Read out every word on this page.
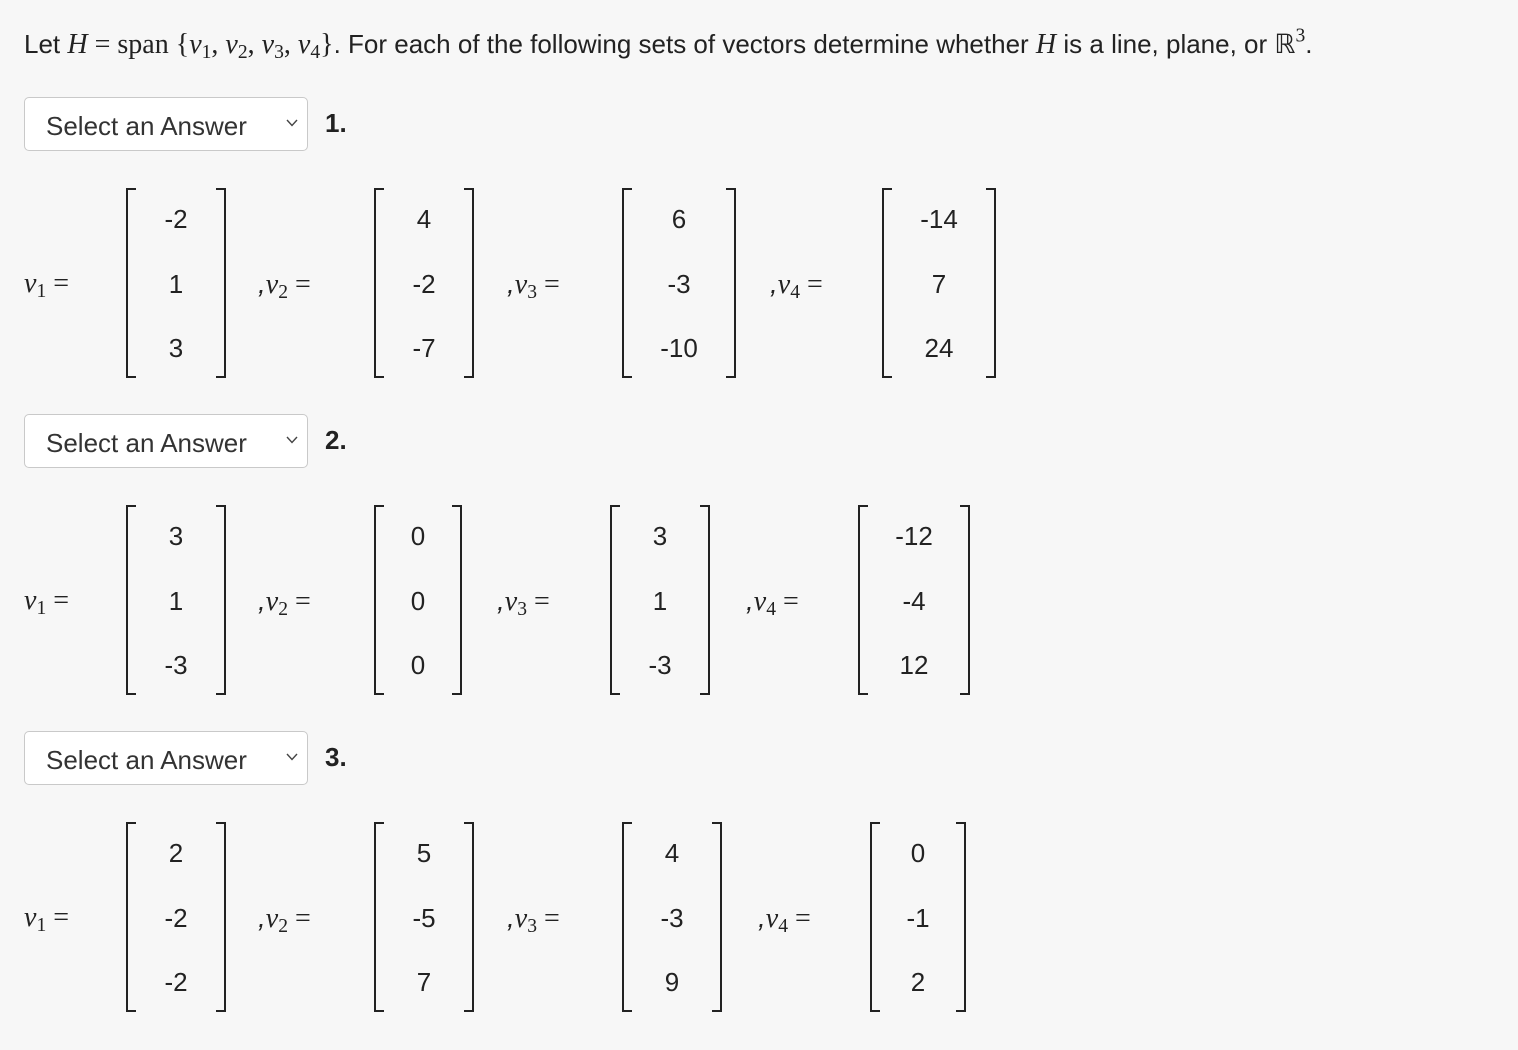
Let H = span {$v_1$, $v_2$, $v_3$, $v_4$}. For each of the following sets of vectors determine whether H is a line, plane, or ℝ$^3$.
Select an Answer	1.
$v_1$ =
-2
1
3
$,v_2$ =
4
-2
-7
$,v_3$ =
6
-3
-10
$,v_4$ =
-14
7
24
Select an Answer	2.
$v_1$ =
3
1
-3
$,v_2$ =
0
0
0
$,v_3$ =
3
1
-3
$,v_4$ =
-12
-4
12
Select an Answer	3.
$v_1$ =
2
-2
-2
$,v_2$ =
5
-5
7
$,v_3$ =
4
-3
9
$,v_4$ =
0
-1
2
